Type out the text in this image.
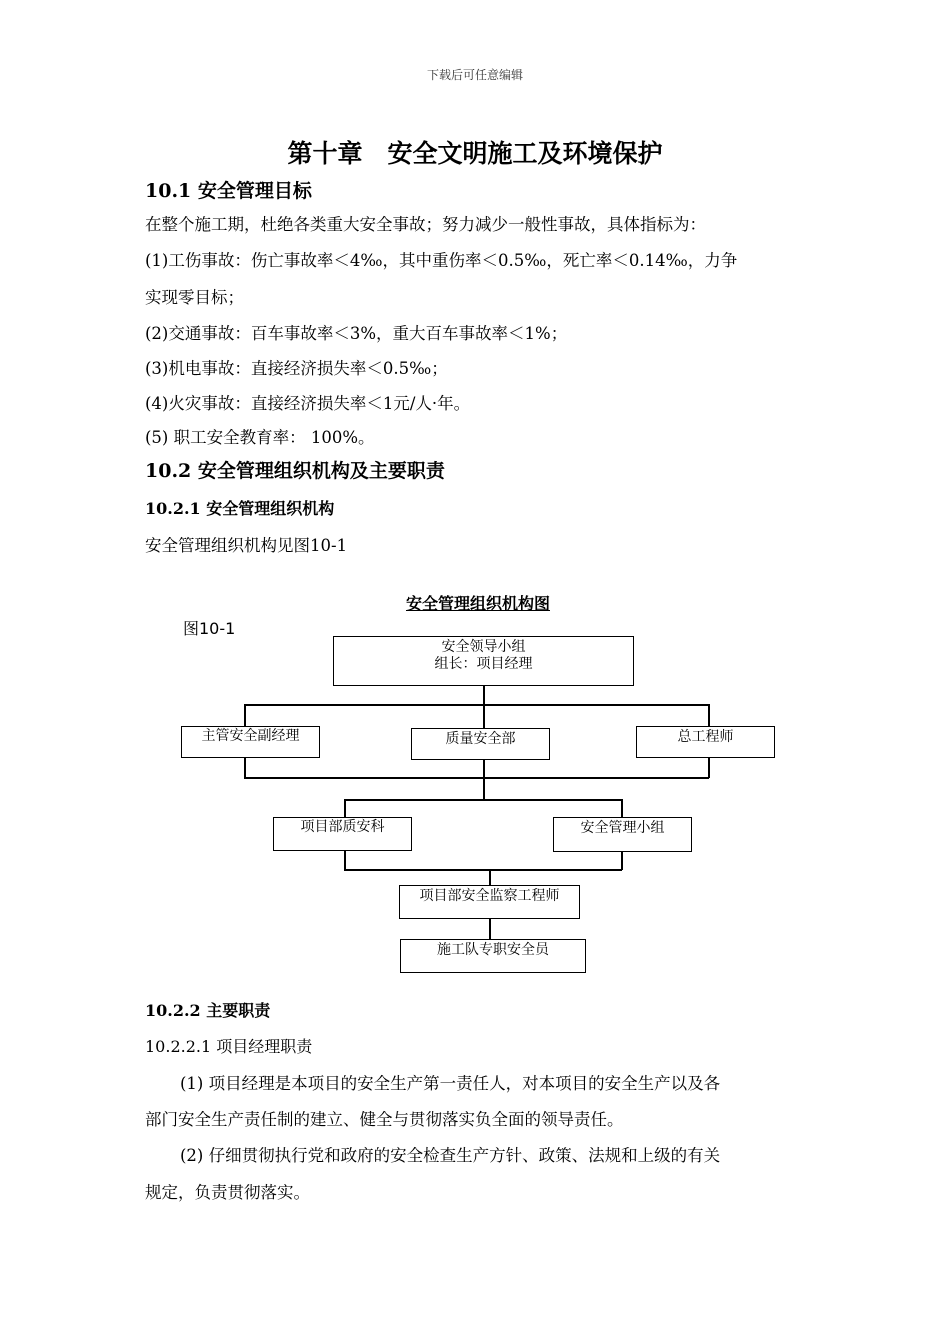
下载后可任意编辑
第十章　安全文明施工及环境保护
10.1 安全管理目标
在整个施工期，杜绝各类重大安全事故；努力减少一般性事故，具体指标为：
(1)工伤事故：伤亡事故率＜4‰，其中重伤率＜0.5‰，死亡率＜0.14‰，力争
实现零目标；
(2)交通事故：百车事故率＜3%，重大百车事故率＜1%；
(3)机电事故：直接经济损失率＜0.5‰；
(4)火灾事故：直接经济损失率＜1元/人·年。
(5) 职工安全教育率： 100%。
10.2 安全管理组织机构及主要职责
10.2.1 安全管理组织机构
安全管理组织机构见图10-1
安全管理组织机构图
图10-1
安全领导小组
组长：项目经理
主管安全副经理	质量安全部	总工程师
项目部质安科	安全管理小组
项目部安全监察工程师
施工队专职安全员
10.2.2 主要职责
10.2.2.1 项目经理职责
(1) 项目经理是本项目的安全生产第一责任人，对本项目的安全生产以及各
部门安全生产责任制的建立、健全与贯彻落实负全面的领导责任。
(2) 仔细贯彻执行党和政府的安全检查生产方针、政策、法规和上级的有关
规定，负责贯彻落实。
